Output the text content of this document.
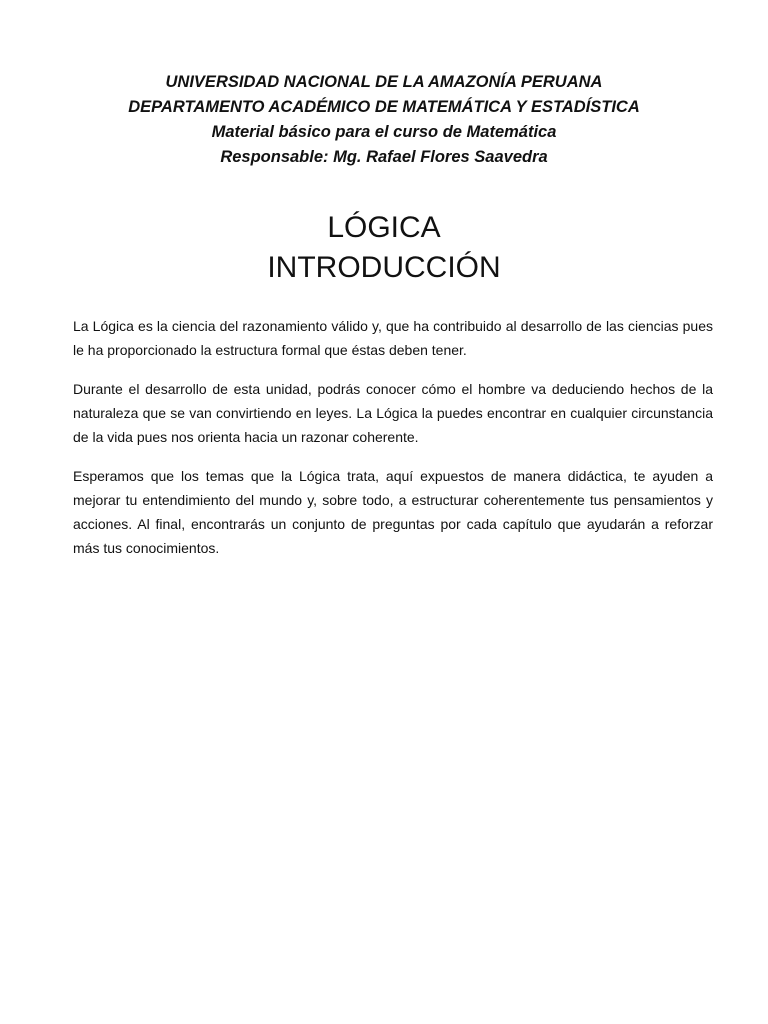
UNIVERSIDAD NACIONAL DE LA AMAZONÍA PERUANA

DEPARTAMENTO ACADÉMICO DE MATEMÁTICA Y ESTADÍSTICA

Material básico para el curso de Matemática

Responsable: Mg. Rafael Flores Saavedra

LÓGICA
INTRODUCCIÓN

La Lógica es la ciencia del razonamiento válido y, que ha contribuido al desarrollo de las ciencias pues le ha proporcionado la estructura formal que éstas deben tener.

Durante el desarrollo de esta unidad, podrás conocer cómo el hombre va deduciendo hechos de la naturaleza que se van convirtiendo en leyes. La Lógica la puedes encontrar en cualquier circunstancia de la vida pues nos orienta hacia un razonar coherente.

Esperamos que los temas que la Lógica trata, aquí expuestos de manera didáctica, te ayuden a mejorar tu entendimiento del mundo y, sobre todo, a estructurar coherentemente tus pensamientos y acciones. Al final, encontrarás un conjunto de preguntas por cada capítulo que ayudarán a reforzar más tus conocimientos.
